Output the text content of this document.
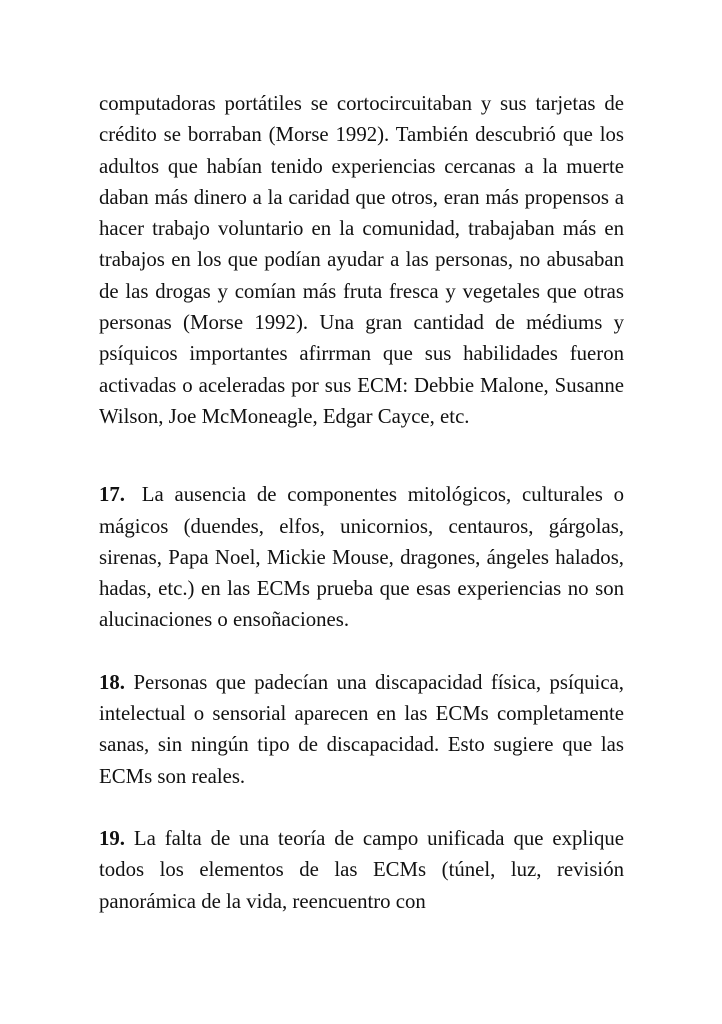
computadoras portátiles se cortocircuitaban y sus tarjetas de crédito se borraban (Morse 1992). También descubrió que los adultos que habían tenido experiencias cercanas a la muerte daban más dinero a la caridad que otros, eran más propensos a hacer trabajo voluntario en la comunidad, trabajaban más en trabajos en los que podían ayudar a las personas, no abusaban de las drogas y comían más fruta fresca y vegetales que otras personas (Morse 1992). Una gran cantidad de médiums y psíquicos importantes afirrman que sus habilidades fueron activadas o aceleradas por sus ECM: Debbie Malone, Susanne Wilson, Joe McMoneagle, Edgar Cayce, etc.

17. La ausencia de componentes mitológicos, culturales o mágicos (duendes, elfos, unicornios, centauros, gárgolas, sirenas, Papa Noel, Mickie Mouse, dragones, ángeles halados, hadas, etc.) en las ECMs prueba que esas experiencias no son alucinaciones o ensoñaciones.

18. Personas que padecían una discapacidad física, psíquica, intelectual o sensorial aparecen en las ECMs completamente sanas, sin ningún tipo de discapacidad. Esto sugiere que las ECMs son reales.

19. La falta de una teoría de campo unificada que explique todos los elementos de las ECMs (túnel, luz, revisión panorámica de la vida, reencuentro con
